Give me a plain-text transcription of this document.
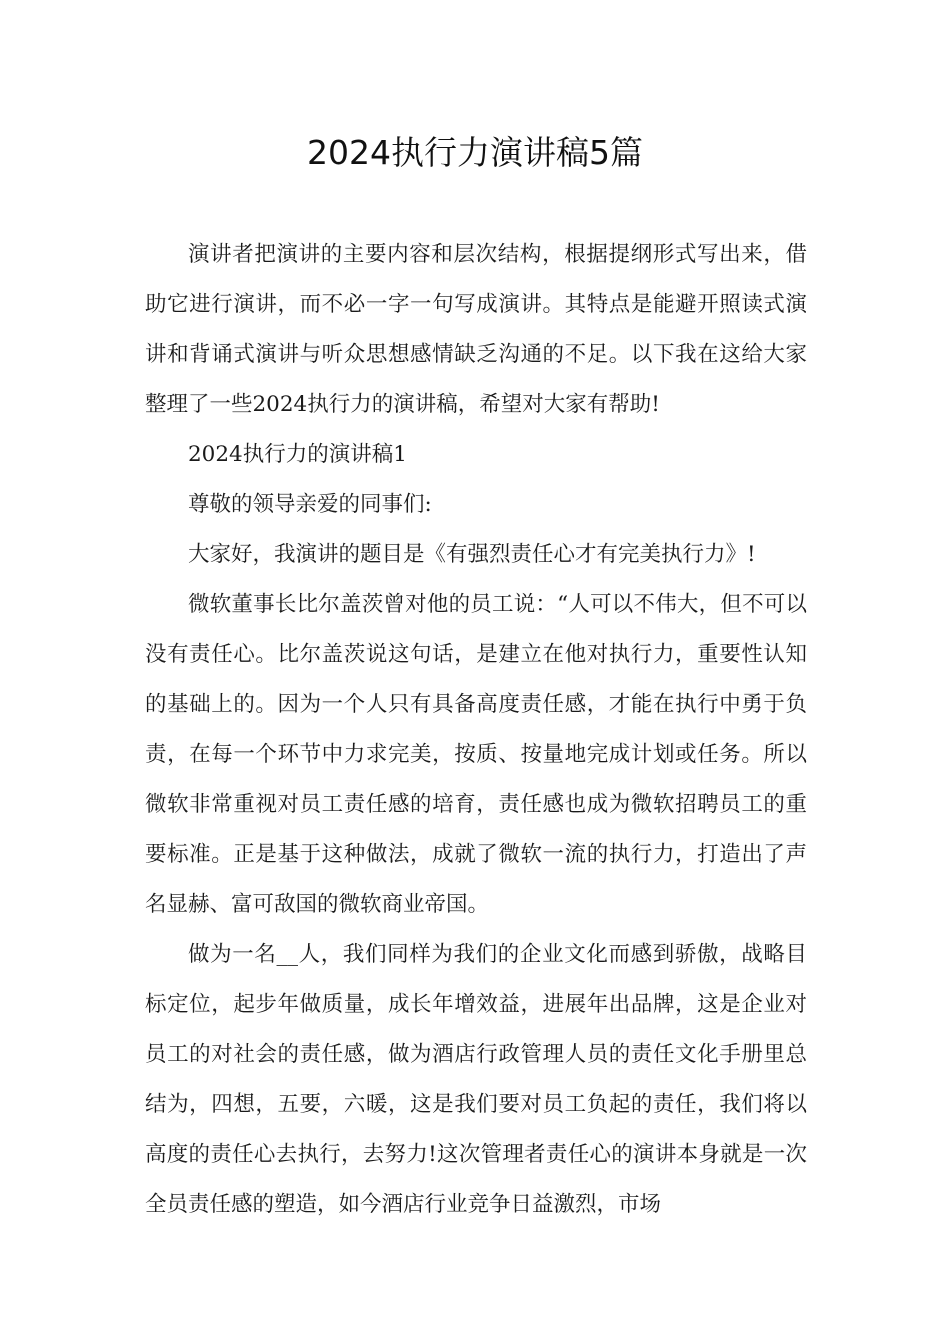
2024执行力演讲稿5篇

演讲者把演讲的主要内容和层次结构，根据提纲形式写出来，借助它进行演讲，而不必一字一句写成演讲。其特点是能避开照读式演讲和背诵式演讲与听众思想感情缺乏沟通的不足。以下我在这给大家整理了一些2024执行力的演讲稿，希望对大家有帮助!

2024执行力的演讲稿1

尊敬的领导亲爱的同事们:

大家好，我演讲的题目是《有强烈责任心才有完美执行力》!

微软董事长比尔盖茨曾对他的员工说：“人可以不伟大，但不可以没有责任心。比尔盖茨说这句话，是建立在他对执行力，重要性认知的基础上的。因为一个人只有具备高度责任感，才能在执行中勇于负责，在每一个环节中力求完美，按质、按量地完成计划或任务。所以微软非常重视对员工责任感的培育，责任感也成为微软招聘员工的重要标准。正是基于这种做法，成就了微软一流的执行力，打造出了声名显赫、富可敌国的微软商业帝国。

做为一名__人，我们同样为我们的企业文化而感到骄傲，战略目标定位，起步年做质量，成长年增效益，进展年出品牌，这是企业对员工的对社会的责任感，做为酒店行政管理人员的责任文化手册里总结为，四想，五要，六暖，这是我们要对员工负起的责任，我们将以高度的责任心去执行，去努力!这次管理者责任心的演讲本身就是一次全员责任感的塑造，如今酒店行业竞争日益激烈，市场
